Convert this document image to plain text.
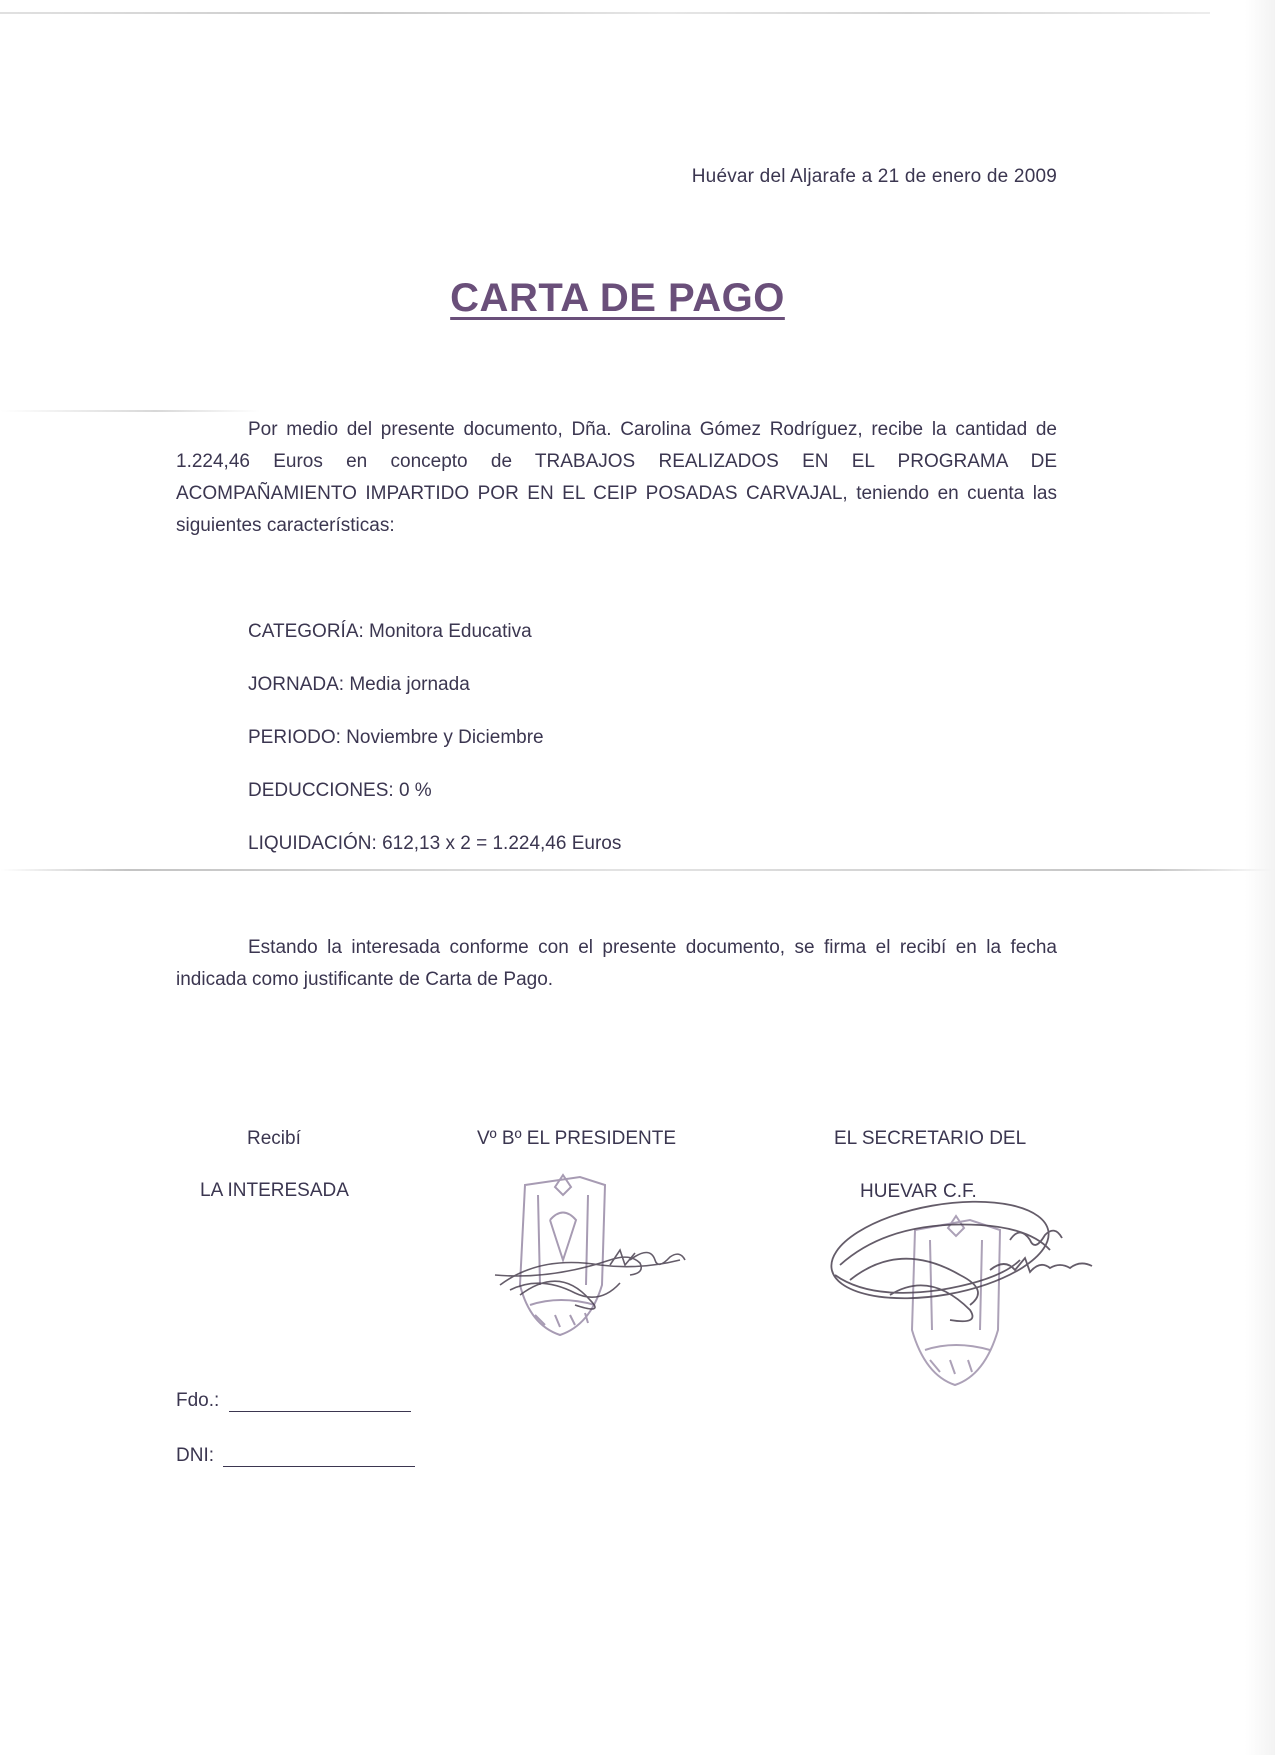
Huévar del Aljarafe a 21 de enero de 2009
CARTA DE PAGO
Por medio del presente documento, Dña. Carolina Gómez Rodríguez, recibe la cantidad de 1.224,46 Euros en concepto de TRABAJOS REALIZADOS EN EL PROGRAMA DE ACOMPAÑAMIENTO IMPARTIDO POR EN EL CEIP POSADAS CARVAJAL, teniendo en cuenta las siguientes características:
CATEGORÍA: Monitora Educativa
JORNADA: Media jornada
PERIODO: Noviembre y Diciembre
DEDUCCIONES: 0 %
LIQUIDACIÓN: 612,13 x 2 = 1.224,46 Euros
Estando la interesada conforme con el presente documento, se firma el recibí en la fecha indicada como justificante de Carta de Pago.
Recibí
LA INTERESADA
Vº Bº EL PRESIDENTE	EL SECRETARIO DEL
HUEVAR C.F.
Fdo.:
DNI:
